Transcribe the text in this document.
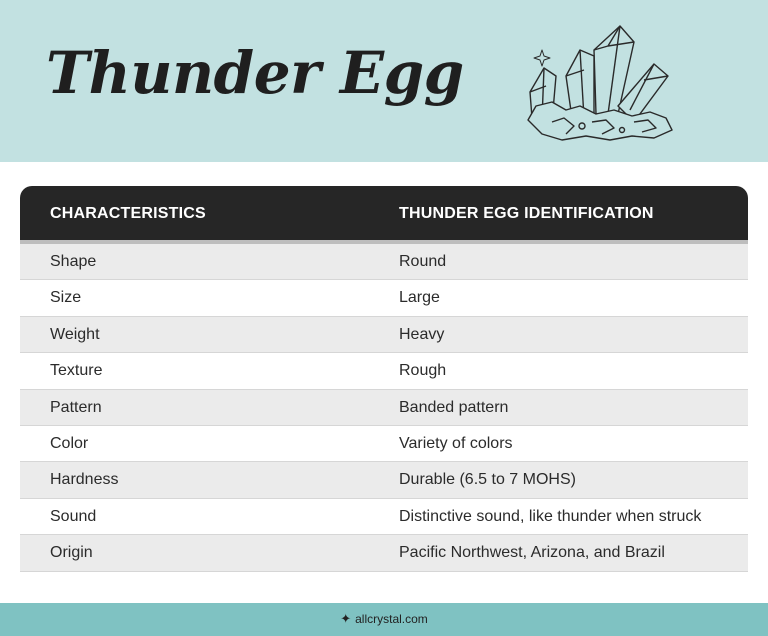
Thunder Egg
CHARACTERISTICS	THUNDER EGG IDENTIFICATION
Shape	Round
Size	Large
Weight	Heavy
Texture	Rough
Pattern	Banded pattern
Color	Variety of colors
Hardness	Durable (6.5 to 7 MOHS)
Sound	Distinctive sound, like thunder when struck
Origin	Pacific Northwest, Arizona, and Brazil
✦ allcrystal.com
